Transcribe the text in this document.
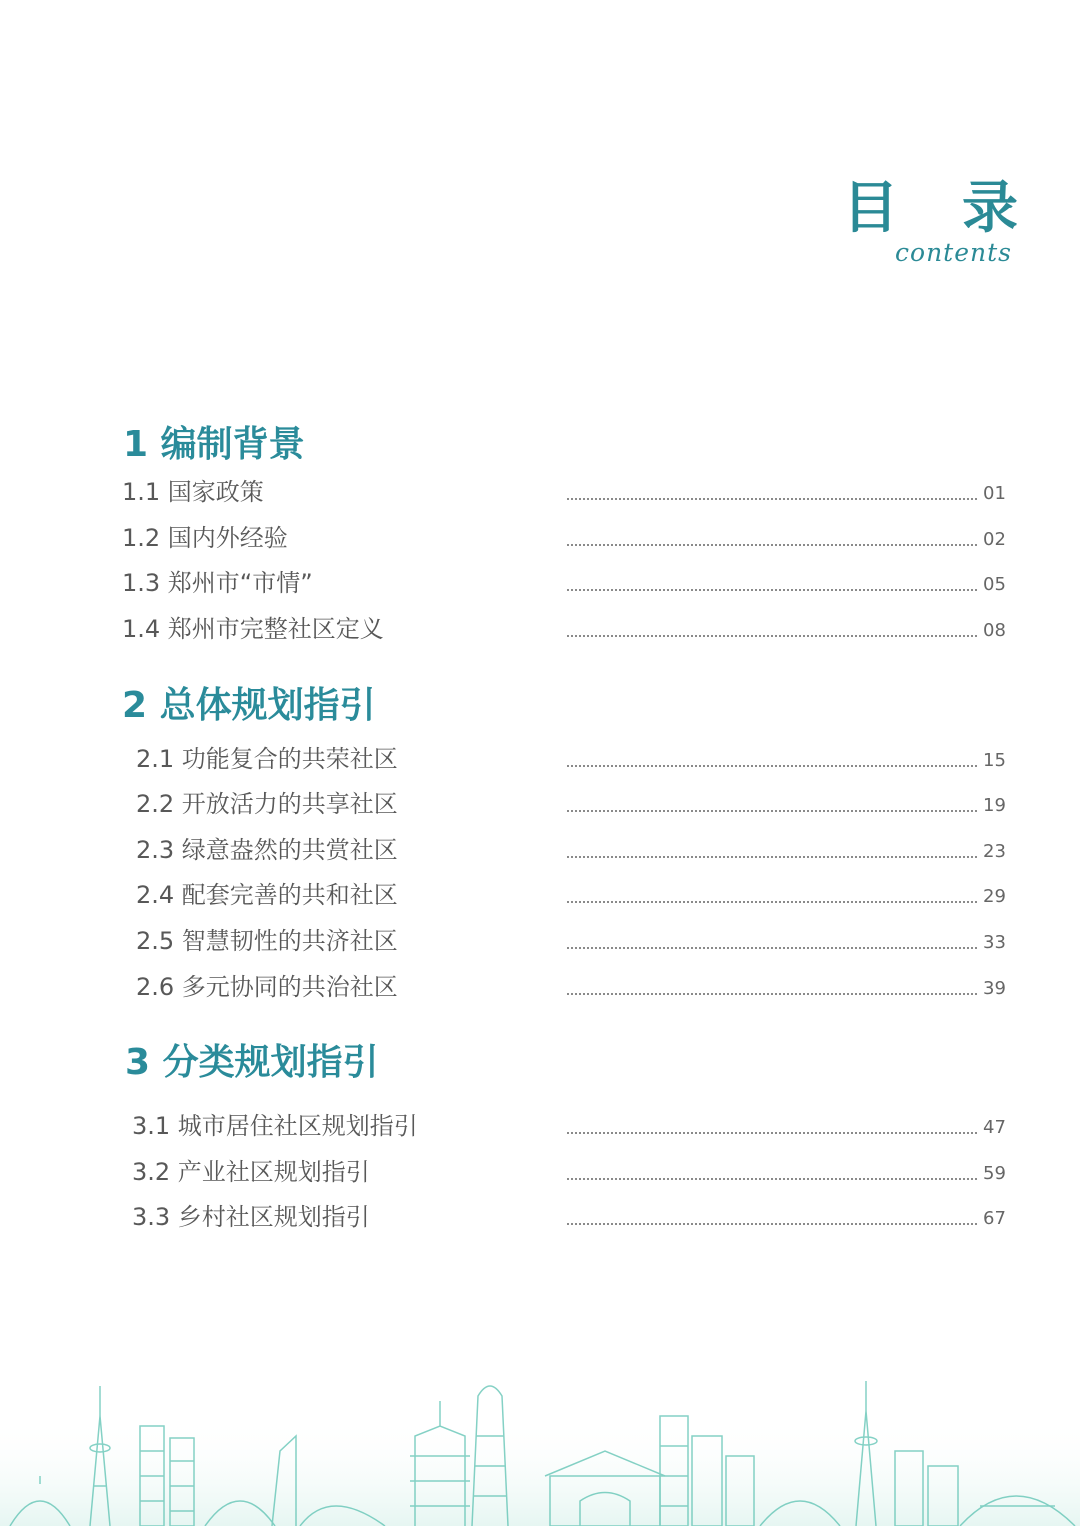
目 录
contents
1 编制背景
1.1 国家政策	01
1.2 国内外经验	02
1.3 郑州市“市情”	05
1.4 郑州市完整社区定义	08
2 总体规划指引
2.1 功能复合的共荣社区	15
2.2 开放活力的共享社区	19
2.3 绿意盎然的共赏社区	23
2.4 配套完善的共和社区	29
2.5 智慧韧性的共济社区	33
2.6 多元协同的共治社区	39
3 分类规划指引
3.1 城市居住社区规划指引	47
3.2 产业社区规划指引	59
3.3 乡村社区规划指引	67
